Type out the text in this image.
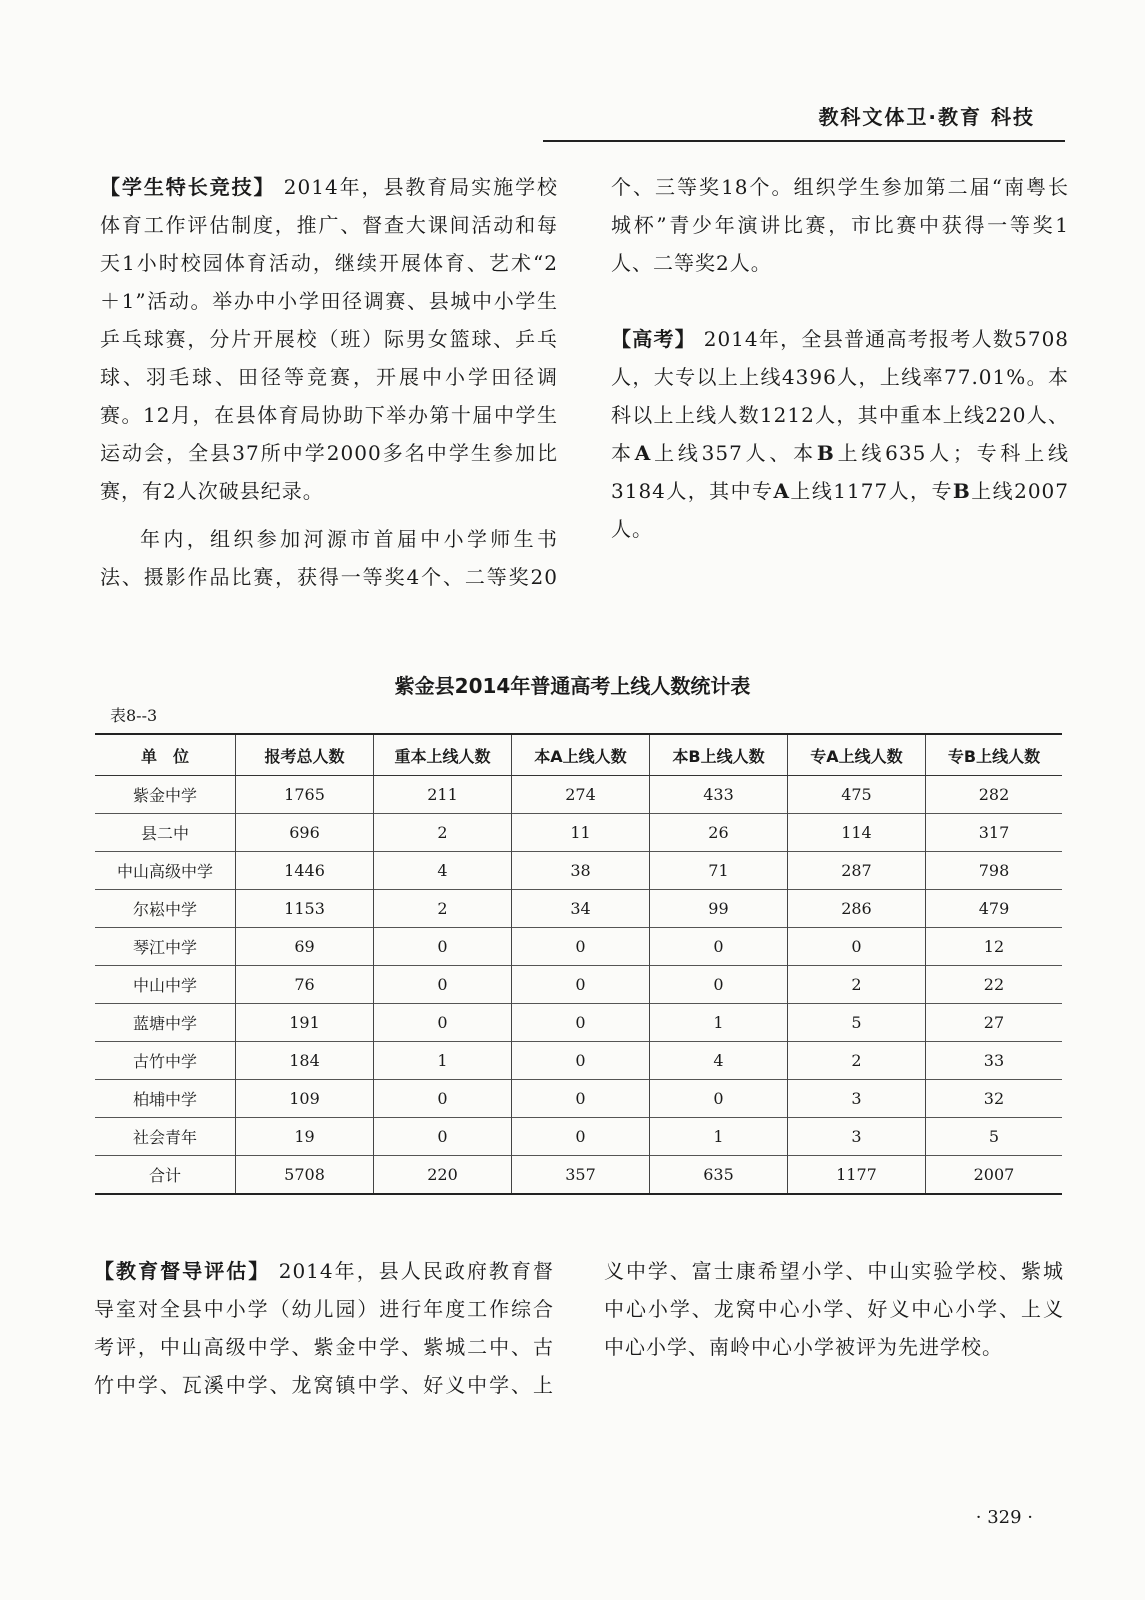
教科文体卫·教育 科技

【学生特长竞技】 2014年，县教育局实施学校体育工作评估制度，推广、督查大课间活动和每天1小时校园体育活动，继续开展体育、艺术“2＋1”活动。举办中小学田径调赛、县城中小学生乒乓球赛，分片开展校（班）际男女篮球、乒乓球、羽毛球、田径等竞赛，开展中小学田径调赛。12月，在县体育局协助下举办第十届中学生运动会，全县37所中学2000多名中学生参加比赛，有2人次破县纪录。

年内，组织参加河源市首届中小学师生书法、摄影作品比赛，获得一等奖4个、二等奖20个、三等奖18个。组织学生参加第二届“南粤长城杯”青少年演讲比赛，市比赛中获得一等奖1人、二等奖2人。

【高考】 2014年，全县普通高考报考人数5708人，大专以上上线4396人，上线率77.01%。本科以上上线人数1212人，其中重本上线220人、本A上线357人、本B上线635人；专科上线3184人，其中专A上线1177人，专B上线2007人。

紫金县2014年普通高考上线人数统计表
表8--3
单　位	报考总人数	重本上线人数	本A上线人数	本B上线人数	专A上线人数	专B上线人数
紫金中学	1765	211	274	433	475	282
县二中	696	2	11	26	114	317
中山高级中学	1446	4	38	71	287	798
尔崧中学	1153	2	34	99	286	479
琴江中学	69	0	0	0	0	12
中山中学	76	0	0	0	2	22
蓝塘中学	191	0	0	1	5	27
古竹中学	184	1	0	4	2	33
柏埔中学	109	0	0	0	3	32
社会青年	19	0	0	1	3	5
合计	5708	220	357	635	1177	2007

【教育督导评估】 2014年，县人民政府教育督导室对全县中小学（幼儿园）进行年度工作综合考评，中山高级中学、紫金中学、紫城二中、古竹中学、瓦溪中学、龙窝镇中学、好义中学、上义中学、富士康希望小学、中山实验学校、紫城中心小学、龙窝中心小学、好义中心小学、上义中心小学、南岭中心小学被评为先进学校。

· 329 ·
